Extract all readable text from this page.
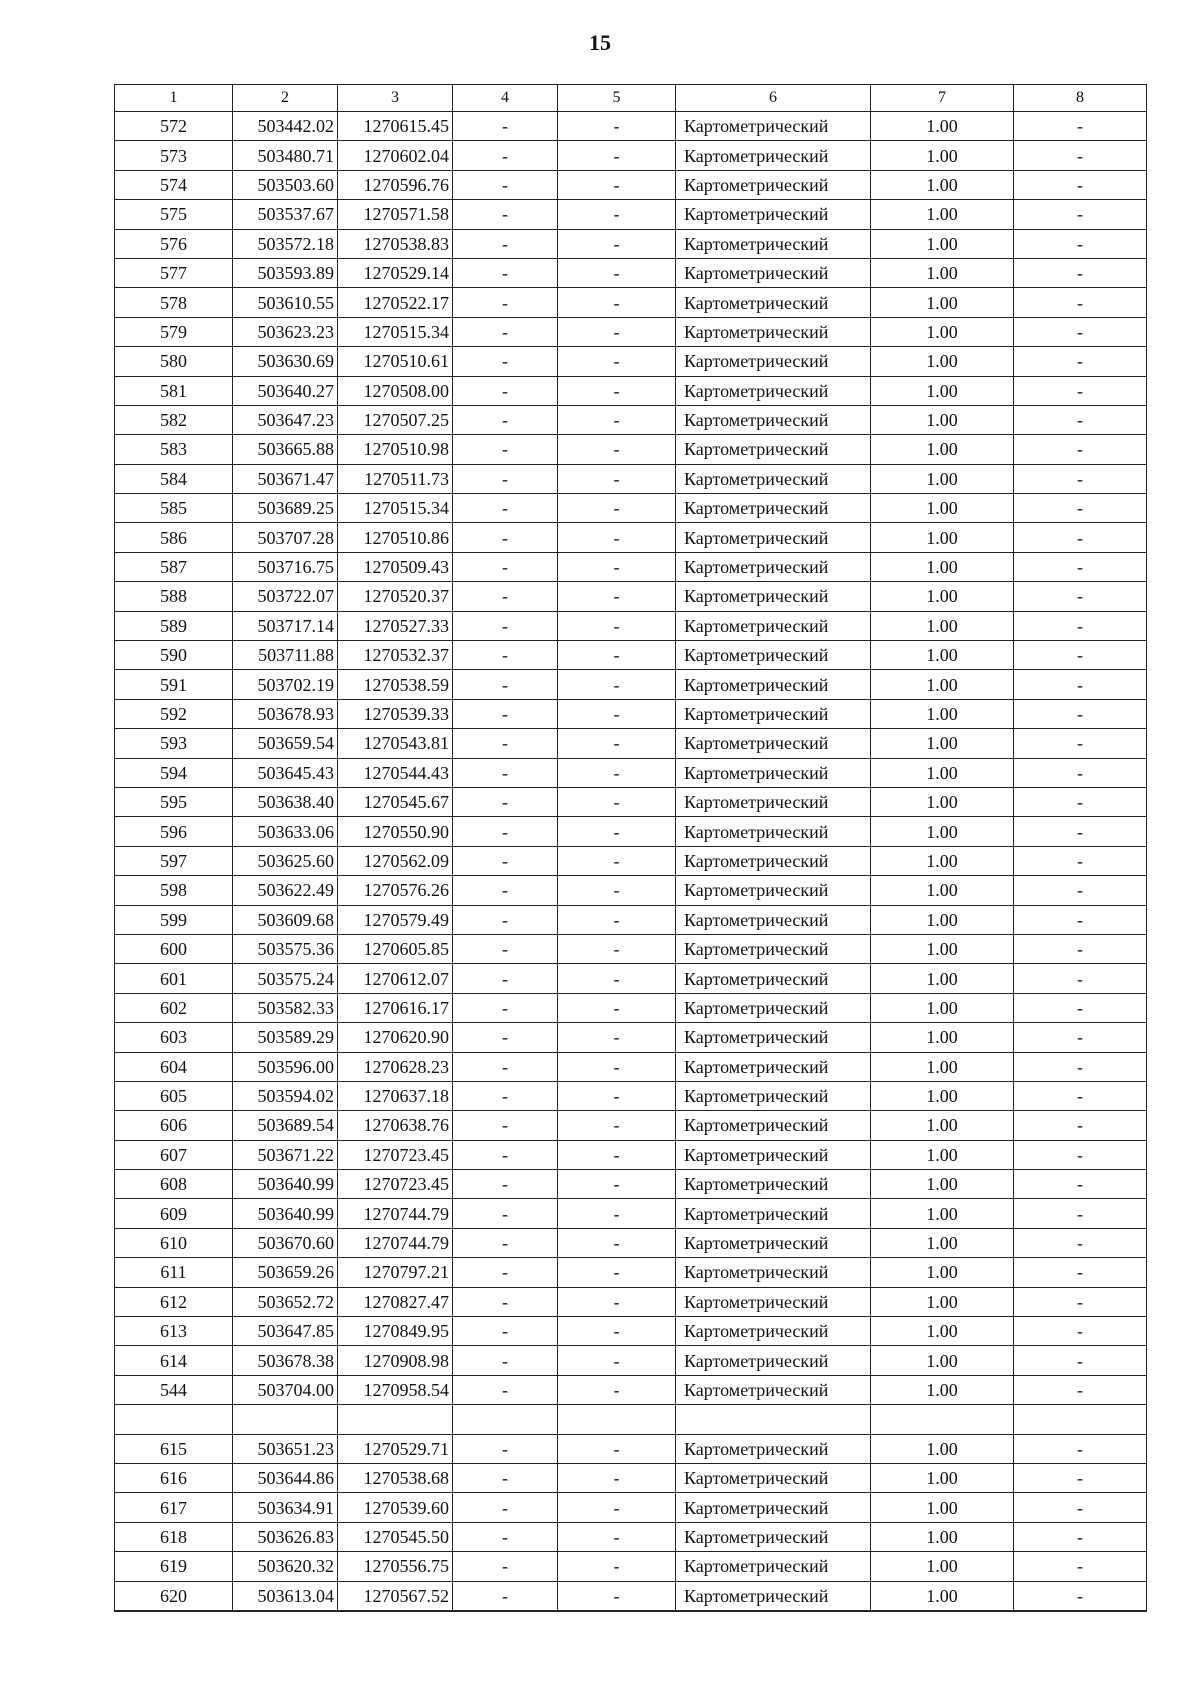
15
1	2	3	4	5	6	7	8
572	503442.02	1270615.45	-	-	Картометрический	1.00	-
573	503480.71	1270602.04	-	-	Картометрический	1.00	-
574	503503.60	1270596.76	-	-	Картометрический	1.00	-
575	503537.67	1270571.58	-	-	Картометрический	1.00	-
576	503572.18	1270538.83	-	-	Картометрический	1.00	-
577	503593.89	1270529.14	-	-	Картометрический	1.00	-
578	503610.55	1270522.17	-	-	Картометрический	1.00	-
579	503623.23	1270515.34	-	-	Картометрический	1.00	-
580	503630.69	1270510.61	-	-	Картометрический	1.00	-
581	503640.27	1270508.00	-	-	Картометрический	1.00	-
582	503647.23	1270507.25	-	-	Картометрический	1.00	-
583	503665.88	1270510.98	-	-	Картометрический	1.00	-
584	503671.47	1270511.73	-	-	Картометрический	1.00	-
585	503689.25	1270515.34	-	-	Картометрический	1.00	-
586	503707.28	1270510.86	-	-	Картометрический	1.00	-
587	503716.75	1270509.43	-	-	Картометрический	1.00	-
588	503722.07	1270520.37	-	-	Картометрический	1.00	-
589	503717.14	1270527.33	-	-	Картометрический	1.00	-
590	503711.88	1270532.37	-	-	Картометрический	1.00	-
591	503702.19	1270538.59	-	-	Картометрический	1.00	-
592	503678.93	1270539.33	-	-	Картометрический	1.00	-
593	503659.54	1270543.81	-	-	Картометрический	1.00	-
594	503645.43	1270544.43	-	-	Картометрический	1.00	-
595	503638.40	1270545.67	-	-	Картометрический	1.00	-
596	503633.06	1270550.90	-	-	Картометрический	1.00	-
597	503625.60	1270562.09	-	-	Картометрический	1.00	-
598	503622.49	1270576.26	-	-	Картометрический	1.00	-
599	503609.68	1270579.49	-	-	Картометрический	1.00	-
600	503575.36	1270605.85	-	-	Картометрический	1.00	-
601	503575.24	1270612.07	-	-	Картометрический	1.00	-
602	503582.33	1270616.17	-	-	Картометрический	1.00	-
603	503589.29	1270620.90	-	-	Картометрический	1.00	-
604	503596.00	1270628.23	-	-	Картометрический	1.00	-
605	503594.02	1270637.18	-	-	Картометрический	1.00	-
606	503689.54	1270638.76	-	-	Картометрический	1.00	-
607	503671.22	1270723.45	-	-	Картометрический	1.00	-
608	503640.99	1270723.45	-	-	Картометрический	1.00	-
609	503640.99	1270744.79	-	-	Картометрический	1.00	-
610	503670.60	1270744.79	-	-	Картометрический	1.00	-
611	503659.26	1270797.21	-	-	Картометрический	1.00	-
612	503652.72	1270827.47	-	-	Картометрический	1.00	-
613	503647.85	1270849.95	-	-	Картометрический	1.00	-
614	503678.38	1270908.98	-	-	Картометрический	1.00	-
544	503704.00	1270958.54	-	-	Картометрический	1.00	-

615	503651.23	1270529.71	-	-	Картометрический	1.00	-
616	503644.86	1270538.68	-	-	Картометрический	1.00	-
617	503634.91	1270539.60	-	-	Картометрический	1.00	-
618	503626.83	1270545.50	-	-	Картометрический	1.00	-
619	503620.32	1270556.75	-	-	Картометрический	1.00	-
620	503613.04	1270567.52	-	-	Картометрический	1.00	-
